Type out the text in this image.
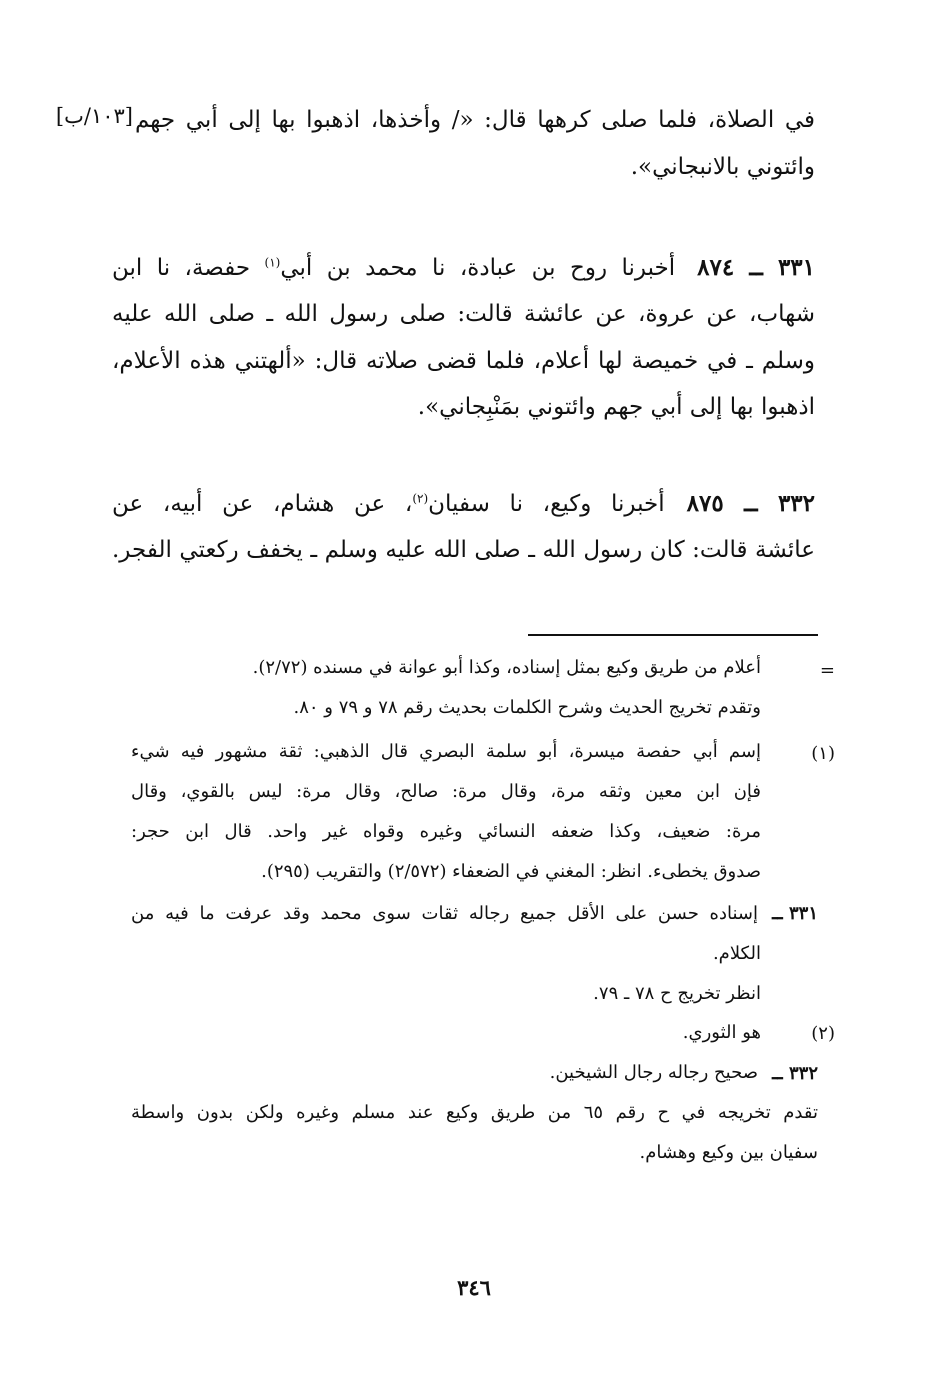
[١٠٣/ب] في الصلاة، فلما صلى كرهها قال: «/ وأخذها، اذهبوا بها إلى أبي جهم
وائتوني بالانبجاني».
٣٣١ ــ ٨٧٤أخبرنا روح بن عبادة، نا محمد بن أبي$^{(١)}$ حفصة، نا ابن
شهاب، عن عروة، عن عائشة قالت: صلى رسول الله ـ صلى الله عليه
وسلم ـ في خميصة لها أعلام، فلما قضى صلاته قال: «ألهتني هذه الأعلام،
اذهبوا بها إلى أبي جهم وائتوني بمَنْبِجاني».
٣٣٢ ــ ٨٧٥أخبرنا وكيع، نا سفيان$^{(٢)}$، عن هشام، عن أبيه، عن
عائشة قالت: كان رسول الله ـ صلى الله عليه وسلم ـ يخفف ركعتي الفجر.
=
أعلام من طريق وكيع بمثل إسناده، وكذا أبو عوانة في مسنده (٢/٧٢).
وتقدم تخريج الحديث وشرح الكلمات بحديث رقم ٧٨ و ٧٩ و ٨٠.
(١)
إسم أبي حفصة ميسرة، أبو سلمة البصري قال الذهبي: ثقة مشهور فيه شيء
فإن ابن معين وثقه مرة، وقال مرة: صالح، وقال مرة: ليس بالقوي، وقال
مرة: ضعيف، وكذا ضعفه النسائي وغيره وقواه غير واحد. قال ابن حجر:
صدوق يخطىء. انظر: المغني في الضعفاء (٢/٥٧٢) والتقريب (٢٩٥).
٣٣١ ــ
إسناده حسن على الأقل جميع رجاله ثقات سوى محمد وقد عرفت ما فيه من
الكلام.
انظر تخريج ح ٧٨ ـ ٧٩.
(٢)
هو الثوري.
٣٣٢ ــ
صحيح رجاله رجال الشيخين.
تقدم تخريجه في ح رقم ٦٥ من طريق وكيع عند مسلم وغيره ولكن بدون واسطة
سفيان بين وكيع وهشام.
٣٤٦
